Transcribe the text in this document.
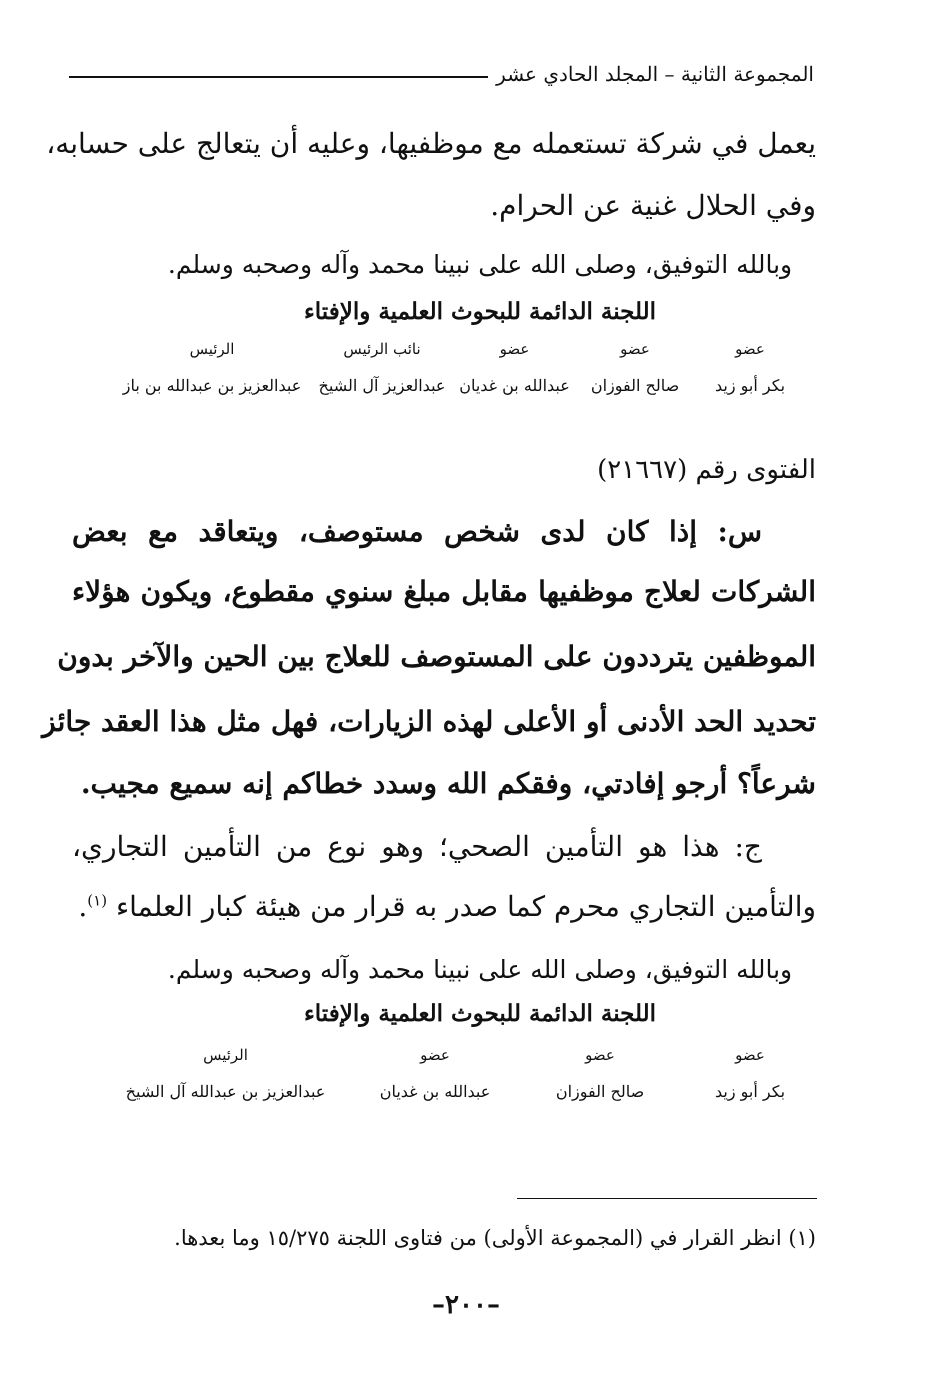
المجموعة الثانية – المجلد الحادي عشر
يعمل في شركة تستعمله مع موظفيها، وعليه أن يتعالج على حسابه،
وفي الحلال غنية عن الحرام.
وبالله التوفيق، وصلى الله على نبينا محمد وآله وصحبه وسلم.
اللجنة الدائمة للبحوث العلمية والإفتاء
عضو
بكر أبو زيد
عضو
صالح الفوزان
عضو
عبدالله بن غديان
نائب الرئيس
عبدالعزيز آل الشيخ
الرئيس
عبدالعزيز بن عبدالله بن باز
الفتوى رقم (٢١٦٦٧)
س: إذا كان لدى شخص مستوصف، ويتعاقد مع بعض
الشركات لعلاج موظفيها مقابل مبلغ سنوي مقطوع، ويكون هؤلاء
الموظفين يترددون على المستوصف للعلاج بين الحين والآخر بدون
تحديد الحد الأدنى أو الأعلى لهذه الزيارات، فهل مثل هذا العقد جائز
شرعاً؟ أرجو إفادتي، وفقكم الله وسدد خطاكم إنه سميع مجيب.
ج: هذا هو التأمين الصحي؛ وهو نوع من التأمين التجاري،
والتأمين التجاري محرم كما صدر به قرار من هيئة كبار العلماء $^{(١)}$.
وبالله التوفيق، وصلى الله على نبينا محمد وآله وصحبه وسلم.
اللجنة الدائمة للبحوث العلمية والإفتاء
عضو
بكر أبو زيد
عضو
صالح الفوزان
عضو
عبدالله بن غديان
الرئيس
عبدالعزيز بن عبدالله آل الشيخ
(١) انظر القرار في (المجموعة الأولى) من فتاوى اللجنة ١٥/٢٧٥ وما بعدها.
–٢٠٠–
